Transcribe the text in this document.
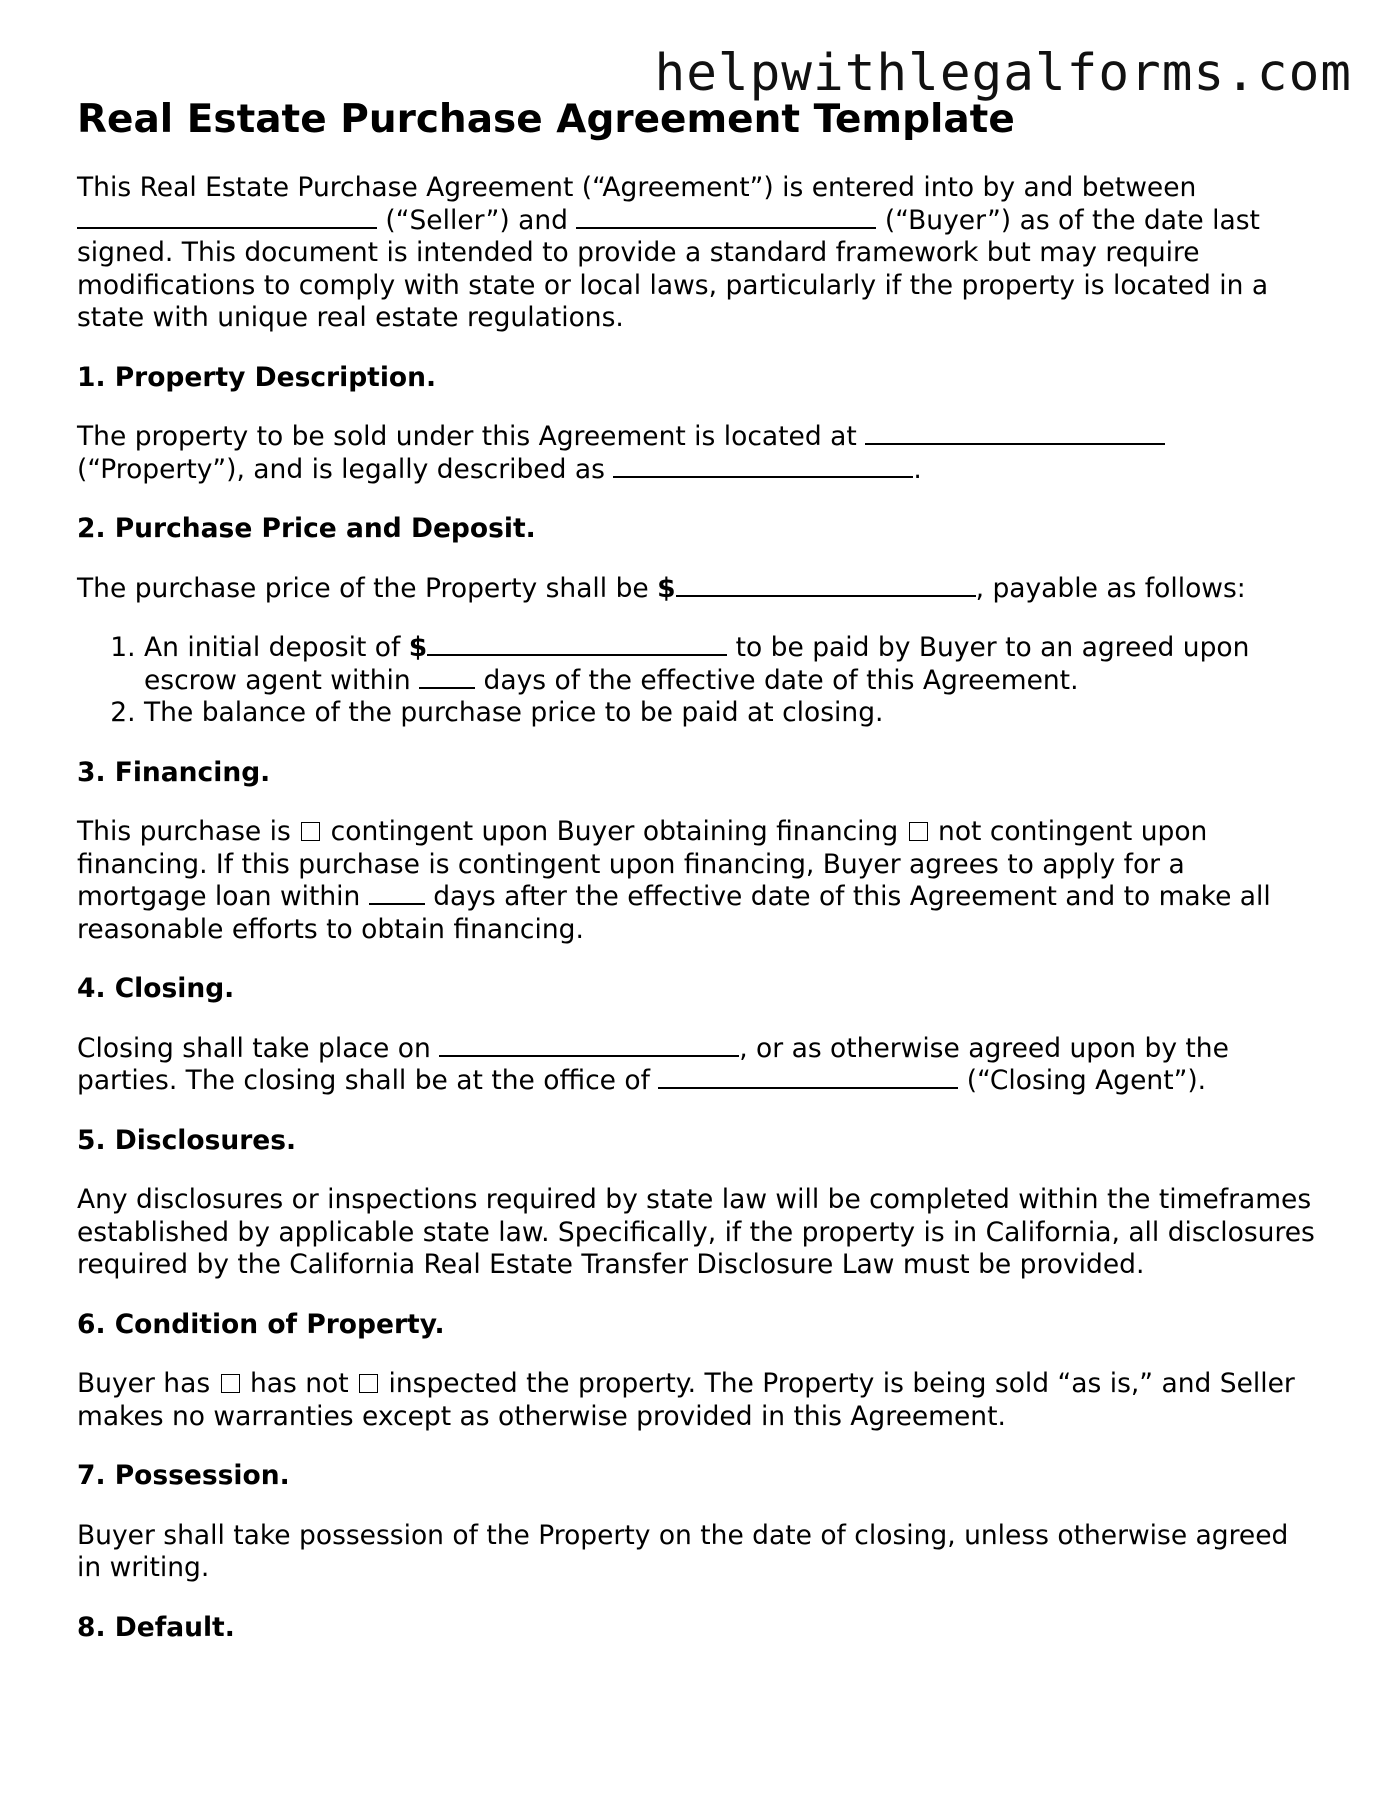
helpwithlegalforms.com
Real Estate Purchase Agreement Template

This Real Estate Purchase Agreement (“Agreement”) is entered into by and between  (“Seller”) and	(“Buyer”) as of the date last signed. This document is intended to provide a standard framework but may require modifications to comply with state or local laws, particularly if the property is located in a state with unique real estate regulations.

1. Property Description.

The property to be sold under this Agreement is located at  (“Property”), and is legally described as	.

2. Purchase Price and Deposit.

The purchase price of the Property shall be $	, payable as follows:

1. An initial deposit of $	to be paid by Buyer to an agreed upon escrow agent within  days of the effective date of this Agreement.
2. The balance of the purchase price to be paid at closing.
3. Financing.

This purchase is  contingent upon Buyer obtaining financing  not contingent upon financing. If this purchase is contingent upon financing, Buyer agrees to apply for a mortgage loan within  days after the effective date of this Agreement and to make all reasonable efforts to obtain financing.

4. Closing.

Closing shall take place on	, or as otherwise agreed upon by the parties. The closing shall be at the office of	(“Closing Agent”).

5. Disclosures.

Any disclosures or inspections required by state law will be completed within the timeframes established by applicable state law. Specifically, if the property is in California, all disclosures required by the California Real Estate Transfer Disclosure Law must be provided.

6. Condition of Property.

Buyer has  has not  inspected the property. The Property is being sold “as is,” and Seller makes no warranties except as otherwise provided in this Agreement.

7. Possession.

Buyer shall take possession of the Property on the date of closing, unless otherwise agreed in writing.

8. Default.
